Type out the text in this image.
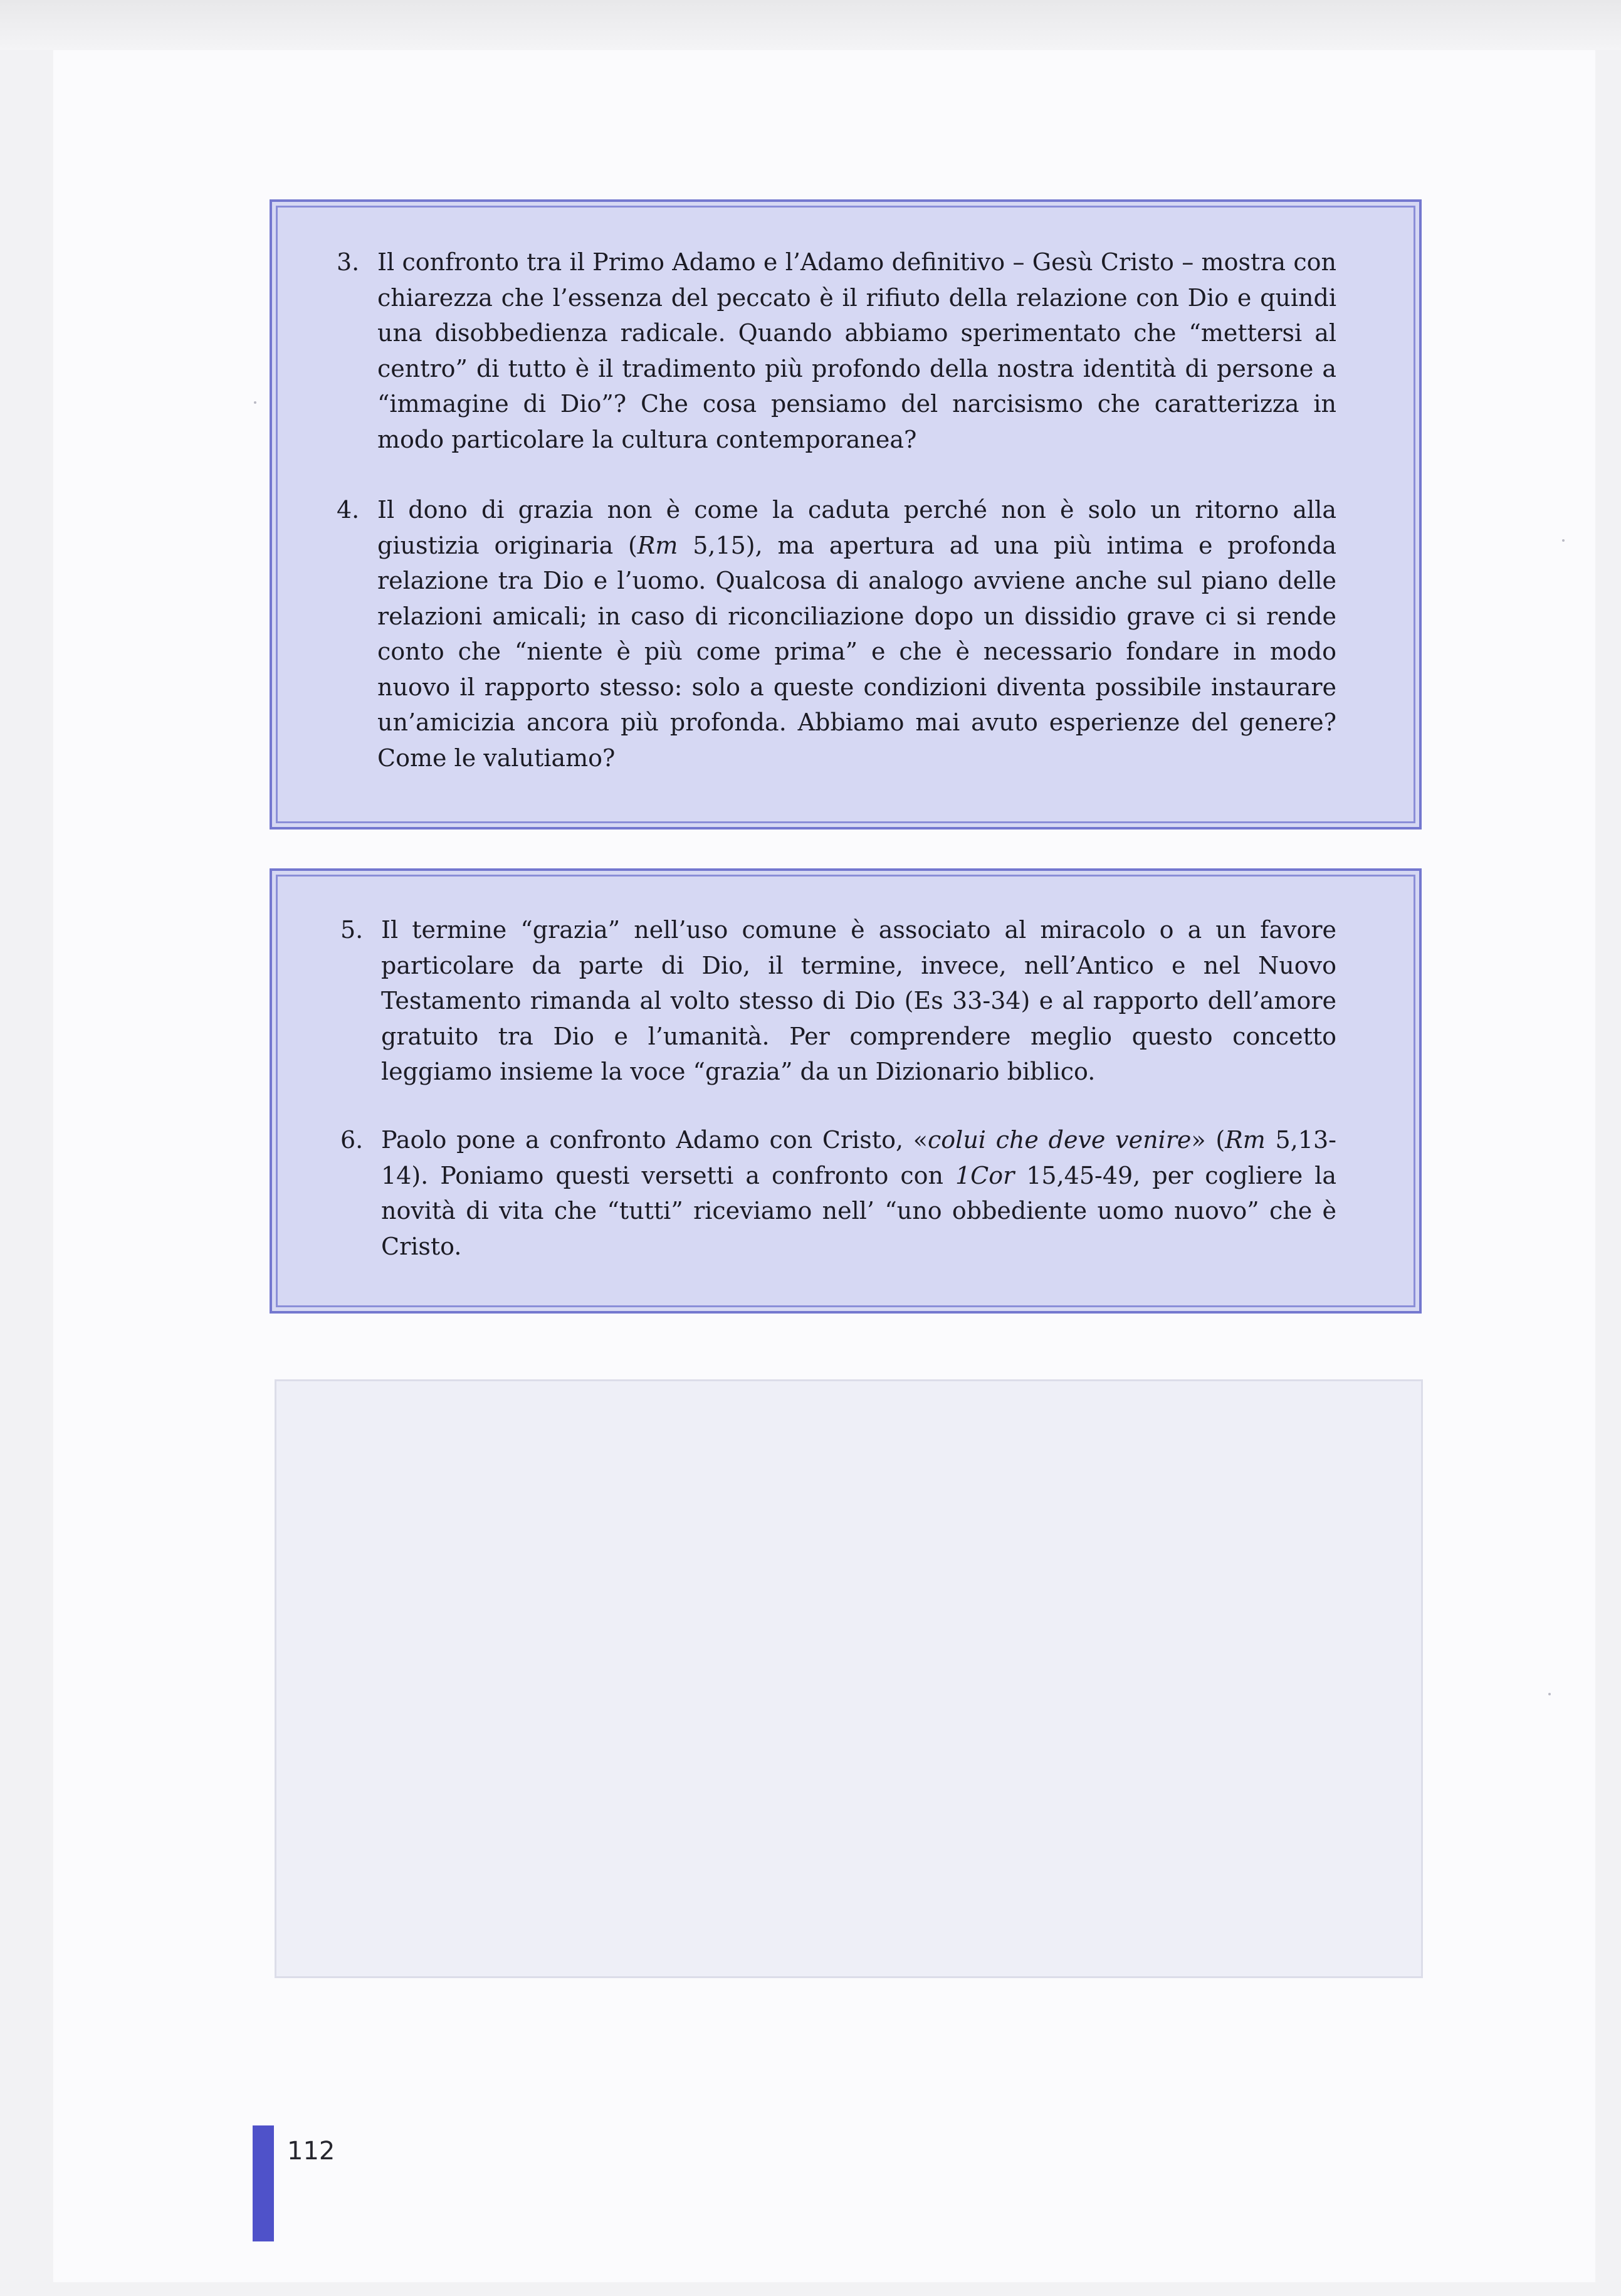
3. Il confronto tra il Primo Adamo e l’Adamo definitivo – Gesù Cristo – mostra con chiarezza che l’essenza del peccato è il rifiuto della relazione con Dio e quindi una disobbedienza radicale. Quando abbiamo sperimentato che “mettersi al centro” di tutto è il tradimento più profondo della nostra identità di persone a “immagine di Dio”? Che cosa pensiamo del narcisismo che caratterizza in modo particolare la cultura contemporanea?
4. Il dono di grazia non è come la caduta perché non è solo un ritorno alla giustizia originaria (Rm 5,15), ma apertura ad una più intima e profonda relazione tra Dio e l’uomo. Qualcosa di analogo avviene anche sul piano delle relazioni amicali; in caso di riconciliazione dopo un dissidio grave ci si rende conto che “niente è più come prima” e che è necessario fondare in modo nuovo il rapporto stesso: solo a queste condizioni diventa possibile instaurare un’amicizia ancora più profonda. Abbiamo mai avuto esperienze del genere? Come le valutiamo?
5. Il termine “grazia” nell’uso comune è associato al miracolo o a un favore particolare da parte di Dio, il termine, invece, nell’Antico e nel Nuovo Testamento rimanda al volto stesso di Dio (Es 33-34) e al rapporto dell’amore gratuito tra Dio e l’umanità. Per comprendere meglio questo concetto leggiamo insieme la voce “grazia” da un Dizionario biblico.
6. Paolo pone a confronto Adamo con Cristo, «colui che deve venire» (Rm 5,13-14). Poniamo questi versetti a confronto con 1Cor 15,45-49, per cogliere la novità di vita che “tutti” riceviamo nell’ “uno obbediente uomo nuovo” che è Cristo.
112
